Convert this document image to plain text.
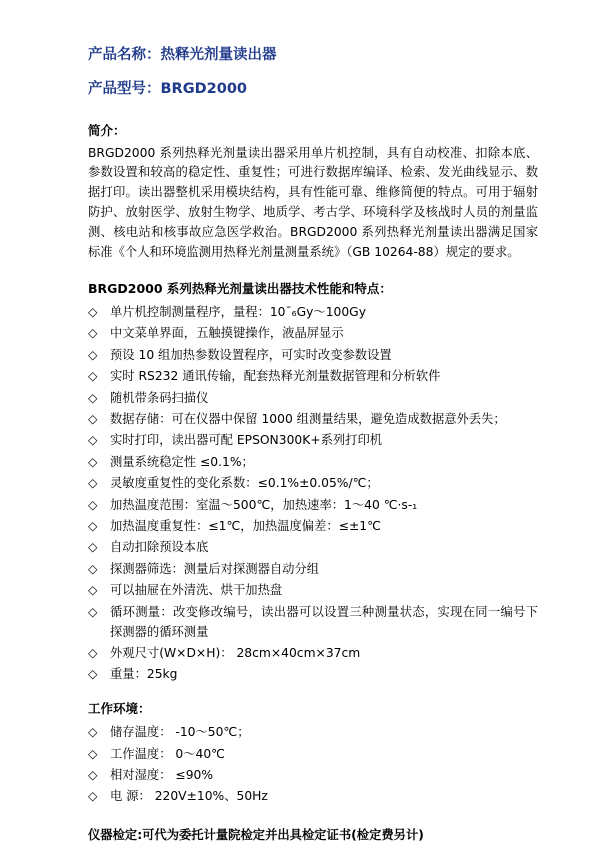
产品名称：热释光剂量读出器
产品型号：BRGD2000
简介：

BRGD2000 系列热释光剂量读出器采用单片机控制，具有自动校准、扣除本底、参数设置和较高的稳定性、重复性；可进行数据库编译、检索、发光曲线显示、数据打印。读出器整机采用模块结构，具有性能可靠、维修简便的特点。可用于辐射防护、放射医学、放射生物学、地质学、考古学、环境科学及核战时人员的剂量监测、核电站和核事故应急医学救治。BRGD2000 系列热释光剂量读出器满足国家标准《个人和环境监测用热释光剂量测量系统》（GB 10264-88）规定的要求。

BRGD2000 系列热释光剂量读出器技术性能和特点：
◇ 单片机控制测量程序，量程：10ˉ₆Gy～100Gy
◇ 中文菜单界面，五触摸键操作，液晶屏显示
◇ 预设 10 组加热参数设置程序，可实时改变参数设置
◇ 实时 RS232 通讯传输，配套热释光剂量数据管理和分析软件
◇ 随机带条码扫描仪
◇ 数据存储：可在仪器中保留 1000 组测量结果，避免造成数据意外丢失；
◇ 实时打印，读出器可配 EPSON300K+系列打印机
◇ 测量系统稳定性 ≤0.1%；
◇ 灵敏度重复性的变化系数：≤0.1%±0.05%/℃；
◇ 加热温度范围：室温～500℃，加热速率：1～40 ℃·s-₁
◇ 加热温度重复性：≤1℃，加热温度偏差：≤±1℃
◇ 自动扣除预设本底
◇ 探测器筛选：测量后对探测器自动分组
◇ 可以抽屉在外清洗、烘干加热盘
◇ 循环测量：改变修改编号，读出器可以设置三种测量状态，实现在同一编号下探测器的循环测量
◇ 外观尺寸(W×D×H)： 28cm×40cm×37cm
◇ 重量：25kg
工作环境：
◇ 储存温度： -10～50℃；
◇ 工作温度： 0～40℃
◇ 相对湿度： ≤90%
◇ 电 源： 220V±10%、50Hz
仪器检定:可代为委托计量院检定并出具检定证书(检定费另计)
